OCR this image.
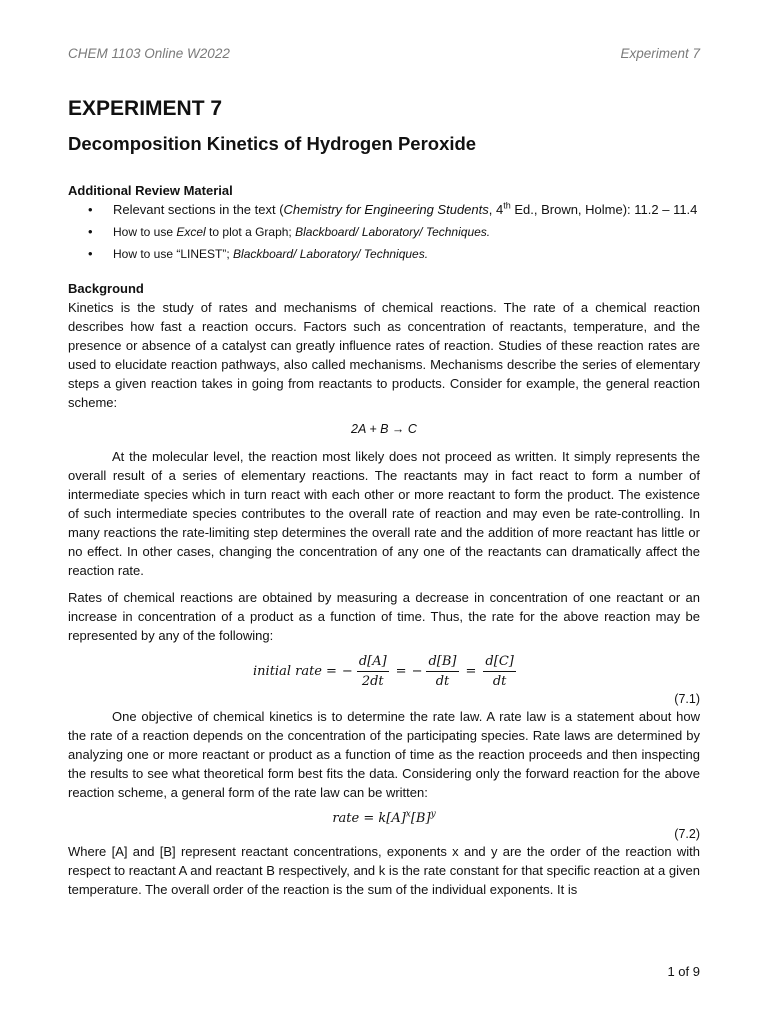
CHEM 1103 Online W2022	Experiment 7
EXPERIMENT 7
Decomposition Kinetics of Hydrogen Peroxide
Additional Review Material
• Relevant sections in the text (Chemistry for Engineering Students, 4th Ed., Brown, Holme): 11.2 – 11.4
• How to use Excel to plot a Graph; Blackboard/ Laboratory/ Techniques.
• How to use “LINEST”; Blackboard/ Laboratory/ Techniques.
Background

Kinetics is the study of rates and mechanisms of chemical reactions. The rate of a chemical reaction describes how fast a reaction occurs. Factors such as concentration of reactants, temperature, and the presence or absence of a catalyst can greatly influence rates of reaction. Studies of these reaction rates are used to elucidate reaction pathways, also called mechanisms. Mechanisms describe the series of elementary steps a given reaction takes in going from reactants to products. Consider for example, the general reaction scheme:

2A + B → C

At the molecular level, the reaction most likely does not proceed as written. It simply represents the overall result of a series of elementary reactions. The reactants may in fact react to form a number of intermediate species which in turn react with each other or more reactant to form the product. The existence of such intermediate species contributes to the overall rate of reaction and may even be rate-controlling. In many reactions the rate-limiting step determines the overall rate and the addition of more reactant has little or no effect. In other cases, changing the concentration of any one of the reactants can dramatically affect the reaction rate.

Rates of chemical reactions are obtained by measuring a decrease in concentration of one reactant or an increase in concentration of a product as a function of time. Thus, the rate for the above reaction may be represented by any of the following:

initial rate = − $\frac{d[A]}{2dt}$ = − $\frac{d[B]}{dt} = \frac{d[C]}{dt}$
(7.1)

One objective of chemical kinetics is to determine the rate law. A rate law is a statement about how the rate of a reaction depends on the concentration of the participating species. Rate laws are determined by analyzing one or more reactant or product as a function of time as the reaction proceeds and then inspecting the results to see what theoretical form best fits the data. Considering only the forward reaction for the above reaction scheme, a general form of the rate law can be written:

rate = $k[A]^x[B]^y$
(7.2)

Where [A] and [B] represent reactant concentrations, exponents x and y are the order of the reaction with respect to reactant A and reactant B respectively, and k is the rate constant for that specific reaction at a given temperature. The overall order of the reaction is the sum of the individual exponents. It is

1 of 9
